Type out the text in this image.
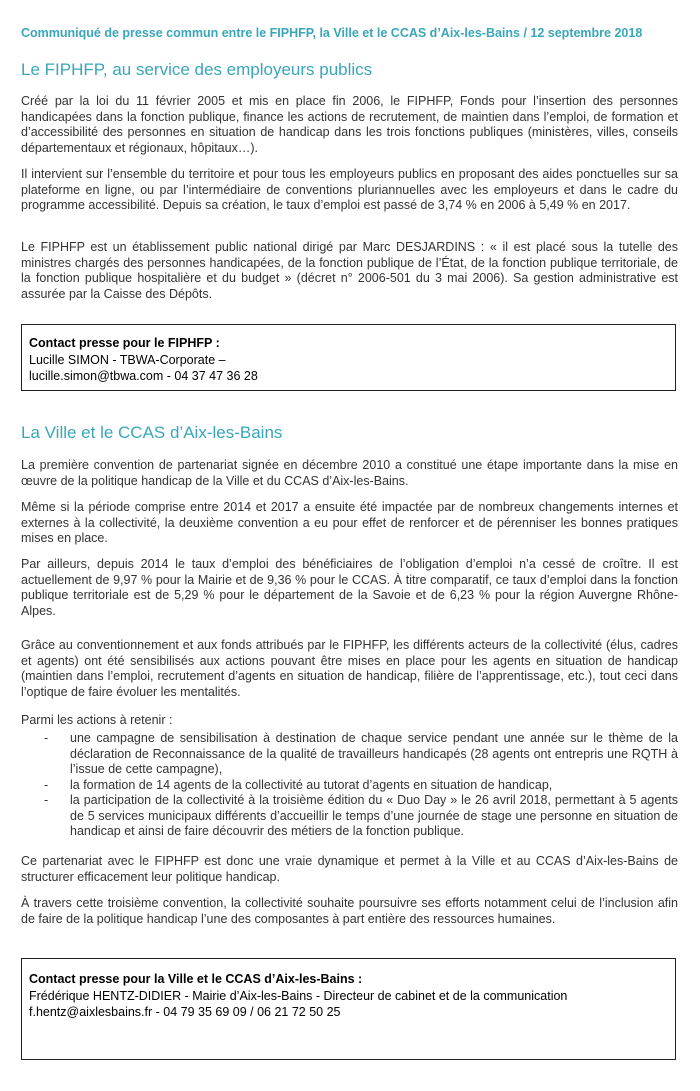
Communiqué de presse commun entre le FIPHFP, la Ville et le CCAS d’Aix-les-Bains / 12 septembre 2018
Le FIPHFP, au service des employeurs publics

Créé par la loi du 11 février 2005 et mis en place fin 2006, le FIPHFP, Fonds pour l’insertion des personnes handicapées dans la fonction publique, finance les actions de recrutement, de maintien dans l’emploi, de formation et d’accessibilité des personnes en situation de handicap dans les trois fonctions publiques (ministères, villes, conseils départementaux et régionaux, hôpitaux…).

Il intervient sur l’ensemble du territoire et pour tous les employeurs publics en proposant des aides ponctuelles sur sa plateforme en ligne, ou par l’intermédiaire de conventions pluriannuelles avec les employeurs et dans le cadre du programme accessibilité. Depuis sa création, le taux d’emploi est passé de 3,74 % en 2006 à 5,49 % en 2017.

Le FIPHFP est un établissement public national dirigé par Marc DESJARDINS : « il est placé sous la tutelle des ministres chargés des personnes handicapées, de la fonction publique de l’État, de la fonction publique territoriale, de la fonction publique hospitalière et du budget » (décret n° 2006-501 du 3 mai 2006). Sa gestion administrative est assurée par la Caisse des Dépôts.

Contact presse pour le FIPHFP :
Lucille SIMON - TBWA-Corporate –
lucille.simon@tbwa.com - 04 37 47 36 28
La Ville et le CCAS d’Aix-les-Bains

La première convention de partenariat signée en décembre 2010 a constitué une étape importante dans la mise en œuvre de la politique handicap de la Ville et du CCAS d’Aix-les-Bains.

Même si la période comprise entre 2014 et 2017 a ensuite été impactée par de nombreux changements internes et externes à la collectivité, la deuxième convention a eu pour effet de renforcer et de pérenniser les bonnes pratiques mises en place.

Par ailleurs, depuis 2014 le taux d’emploi des bénéficiaires de l’obligation d’emploi n’a cessé de croître. Il est actuellement de 9,97 % pour la Mairie et de 9,36 % pour le CCAS. À titre comparatif, ce taux d’emploi dans la fonction publique territoriale est de 5,29 % pour le département de la Savoie et de 6,23 % pour la région Auvergne Rhône-Alpes.

Grâce au conventionnement et aux fonds attribués par le FIPHFP, les différents acteurs de la collectivité (élus, cadres et agents) ont été sensibilisés aux actions pouvant être mises en place pour les agents en situation de handicap (maintien dans l’emploi, recrutement d’agents en situation de handicap, filière de l’apprentissage, etc.), tout ceci dans l’optique de faire évoluer les mentalités.

Parmi les actions à retenir :

- une campagne de sensibilisation à destination de chaque service pendant une année sur le thème de la déclaration de Reconnaissance de la qualité de travailleurs handicapés (28 agents ont entrepris une RQTH à l’issue de cette campagne),
- la formation de 14 agents de la collectivité au tutorat d’agents en situation de handicap,
- la participation de la collectivité à la troisième édition du « Duo Day » le 26 avril 2018, permettant à 5 agents de 5 services municipaux différents d’accueillir le temps d’une journée de stage une personne en situation de handicap et ainsi de faire découvrir des métiers de la fonction publique.

Ce partenariat avec le FIPHFP est donc une vraie dynamique et permet à la Ville et au CCAS d’Aix-les-Bains de structurer efficacement leur politique handicap.

À travers cette troisième convention, la collectivité souhaite poursuivre ses efforts notamment celui de l’inclusion afin de faire de la politique handicap l’une des composantes à part entière des ressources humaines.

Contact presse pour la Ville et le CCAS d’Aix-les-Bains :
Frédérique HENTZ-DIDIER - Mairie d’Aix-les-Bains - Directeur de cabinet et de la communication
f.hentz@aixlesbains.fr - 04 79 35 69 09 / 06 21 72 50 25
